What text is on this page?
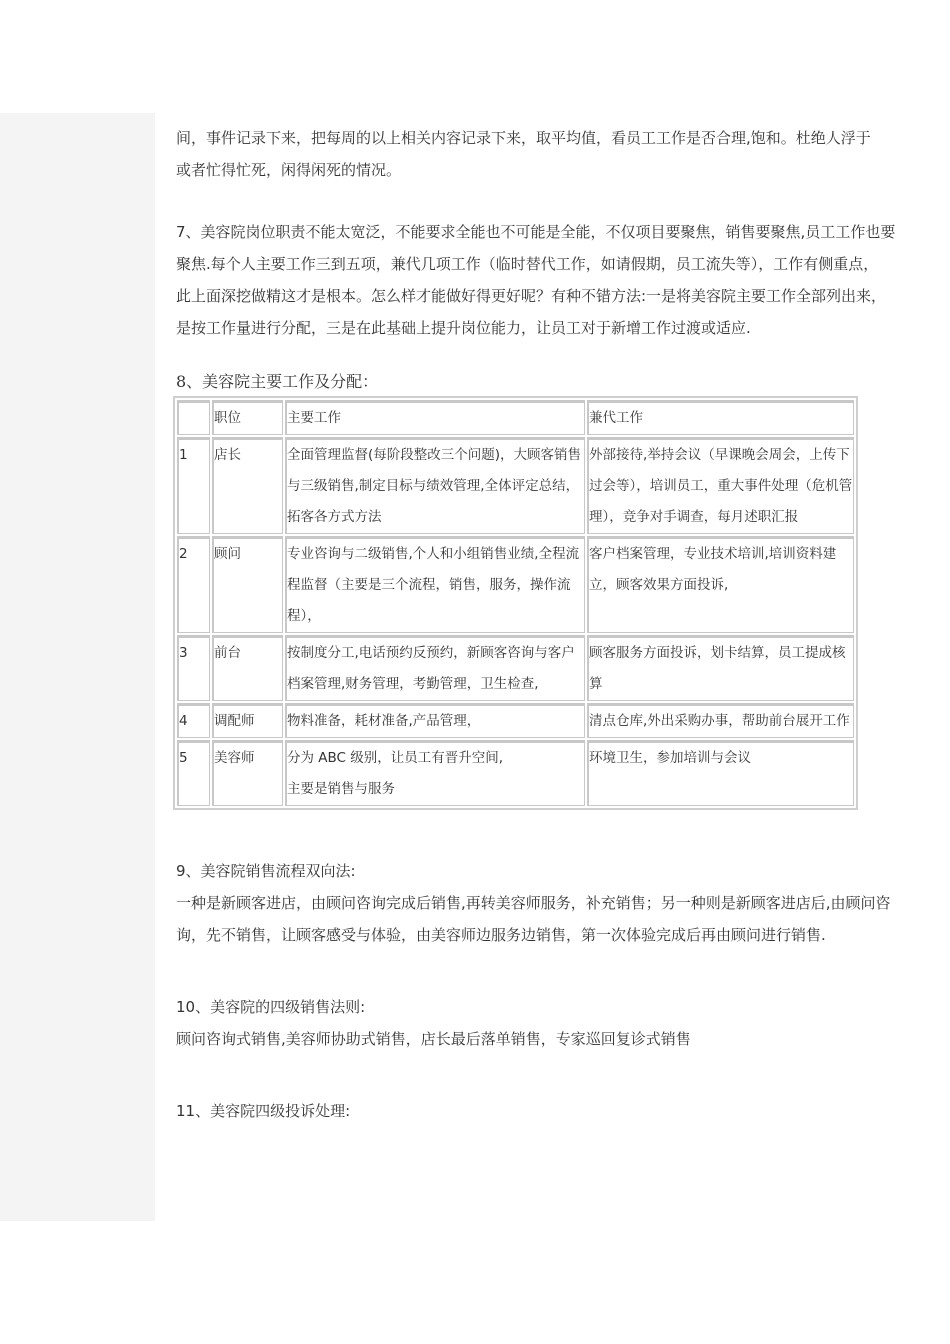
间，事件记录下来，把每周的以上相关内容记录下来，取平均值，看员工工作是否合理,饱和。杜绝人浮于

或者忙得忙死，闲得闲死的情况。

7、美容院岗位职责不能太宽泛，不能要求全能也不可能是全能，不仅项目要聚焦，销售要聚焦,员工工作也要

聚焦.每个人主要工作三到五项，兼代几项工作（临时替代工作，如请假期，员工流失等），工作有侧重点，

此上面深挖做精这才是根本。怎么样才能做好得更好呢？有种不错方法:一是将美容院主要工作全部列出来，

是按工作量进行分配，三是在此基础上提升岗位能力，让员工对于新增工作过渡或适应.

8、美容院主要工作及分配：

	职位	主要工作	兼代工作
1	店长	全面管理监督(每阶段整改三个问题)，大顾客销售与三级销售,制定目标与绩效管理,全体评定总结，拓客各方式方法	外部接待,举持会议（早课晚会周会，上传下过会等），培训员工，重大事件处理（危机管理），竞争对手调查，每月述职汇报
2	顾问	专业咨询与二级销售,个人和小组销售业绩,全程流程监督（主要是三个流程，销售，服务，操作流程），	客户档案管理，专业技术培训,培训资料建立，顾客效果方面投诉,
3	前台	按制度分工,电话预约反预约，新顾客咨询与客户档案管理,财务管理，考勤管理，卫生检查,	顾客服务方面投诉，划卡结算，员工提成核算
4	调配师	物料准备，耗材准备,产品管理，	清点仓库,外出采购办事，帮助前台展开工作
5	美容师	分为 ABC 级别，让员工有晋升空间,
主要是销售与服务	环境卫生，参加培训与会议

9、美容院销售流程双向法:

一种是新顾客进店，由顾问咨询完成后销售,再转美容师服务，补充销售；另一种则是新顾客进店后,由顾问咨

询，先不销售，让顾客感受与体验，由美容师边服务边销售，第一次体验完成后再由顾问进行销售.

10、美容院的四级销售法则:

顾问咨询式销售,美容师协助式销售，店长最后落单销售，专家巡回复诊式销售

11、美容院四级投诉处理:
